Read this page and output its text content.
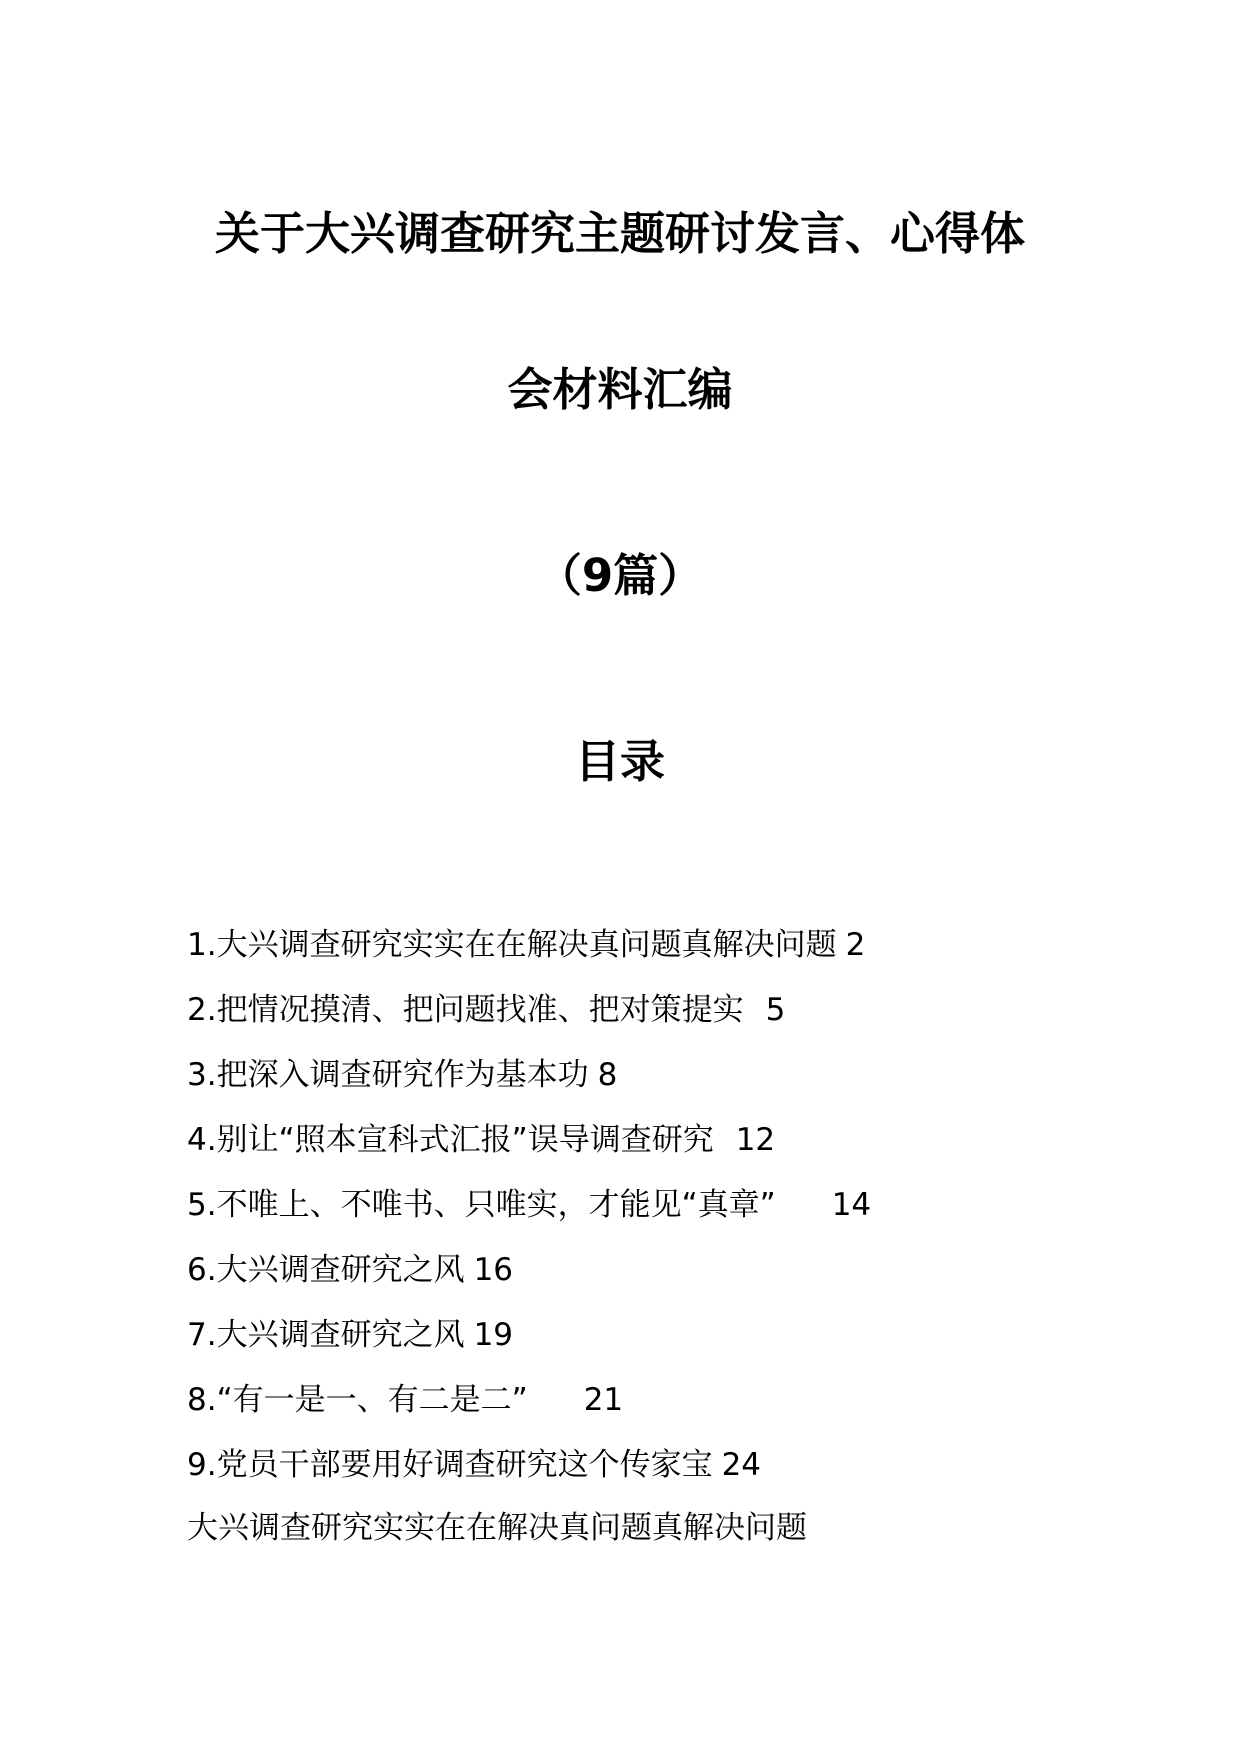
关于大兴调查研究主题研讨发言、心得体
会材料汇编
（9篇）
目录
1.大兴调查研究实实在在解决真问题真解决问题 2
2.把情况摸清、把问题找准、把对策提实 5
3.把深入调查研究作为基本功 8
4.别让“照本宣科式汇报”误导调查研究 12
5.不唯上、不唯书、只唯实，才能见“真章” 14
6.大兴调查研究之风 16
7.大兴调查研究之风 19
8.“有一是一、有二是二” 21
9.党员干部要用好调查研究这个传家宝 24
大兴调查研究实实在在解决真问题真解决问题
